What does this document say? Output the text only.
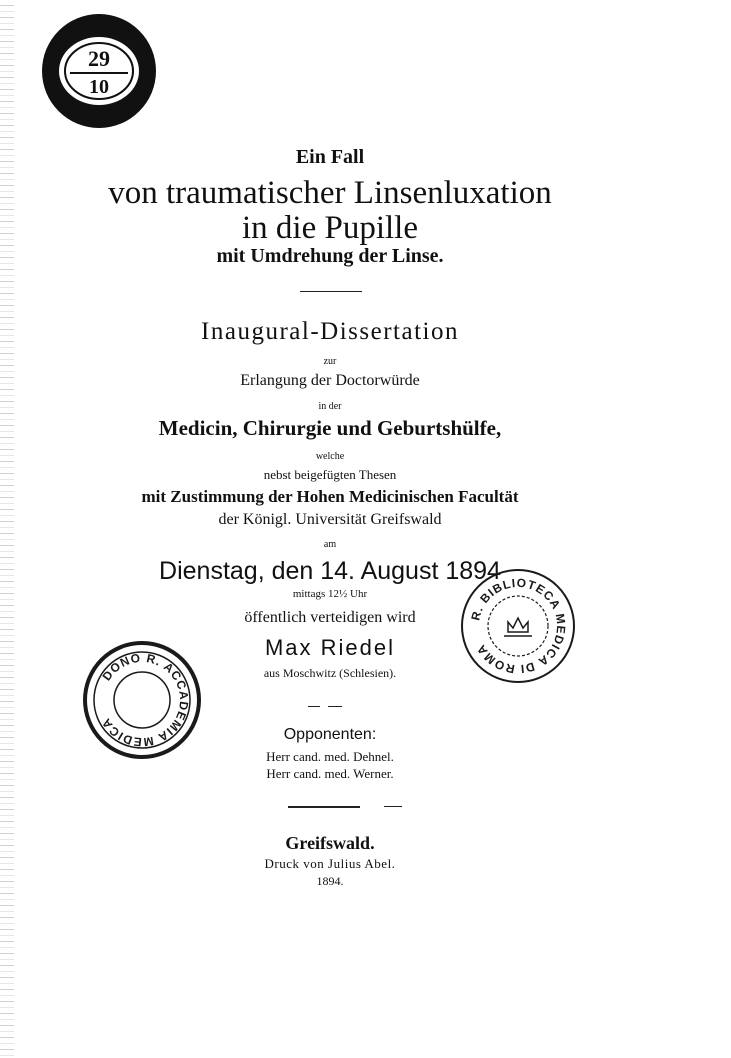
29
10
Ein Fall
von traumatischer Linsenluxation
in die Pupille
mit Umdrehung der Linse.
Inaugural-Dissertation
zur
Erlangung der Doctorwürde
in der
Medicin, Chirurgie und Geburtshülfe,
welche
nebst beigefügten Thesen
mit Zustimmung der Hohen Medicinischen Facultät
der Königl. Universität Greifswald
am
Dienstag, den 14. August 1894
mittags 12½ Uhr
öffentlich verteidigen wird
Max Riedel
aus Moschwitz (Schlesien).
Opponenten:
Herr cand. med. Dehnel.
Herr cand. med. Werner.
Greifswald.
Druck von Julius Abel.
1894.
DONO R. ACCADEMIA MEDICA
R. BIBLIOTECA MEDICA DI ROMA
